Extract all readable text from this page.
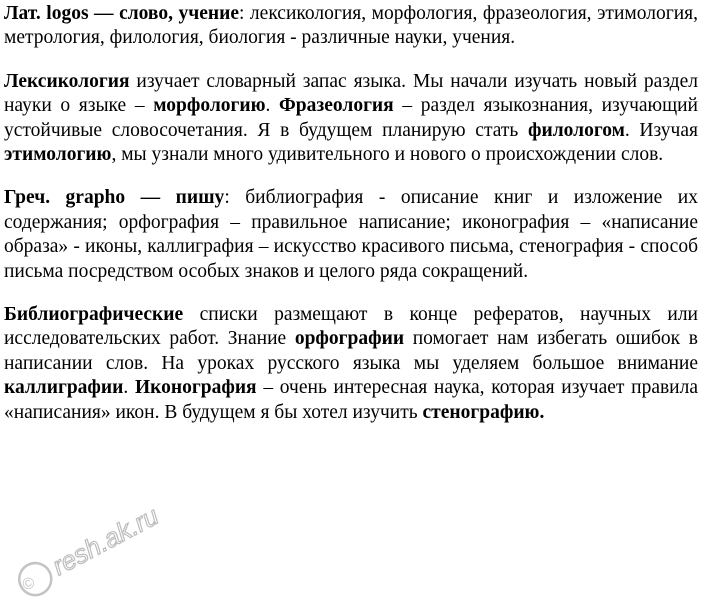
Лат. logos — слово, учение: лексикология, морфология, фразеология, этимология, метрология, филология, биология - различные науки, учения.

Лексикология изучает словарный запас языка. Мы начали изучать новый раздел науки о языке – морфологию. Фразеология – раздел языкознания, изучающий устойчивые словосочетания. Я в будущем планирую стать филологом. Изучая этимологию, мы узнали много удивительного и нового о происхождении слов.

Греч. grapho — пишу: библиография - описание книг и изложение их содержания; орфография – правильное написание; иконография – «написание образа» - иконы, каллиграфия – искусство красивого письма, стенография - способ письма посредством особых знаков и целого ряда сокращений.

Библиографические списки размещают в конце рефератов, научных или исследовательских работ. Знание орфографии помогает нам избегать ошибок в написании слов. На уроках русского языка мы уделяем большое внимание каллиграфии. Иконография – очень интересная наука, которая изучает правила «написания» икон. В будущем я бы хотел изучить стенографию.

©
resh.ak.ru
